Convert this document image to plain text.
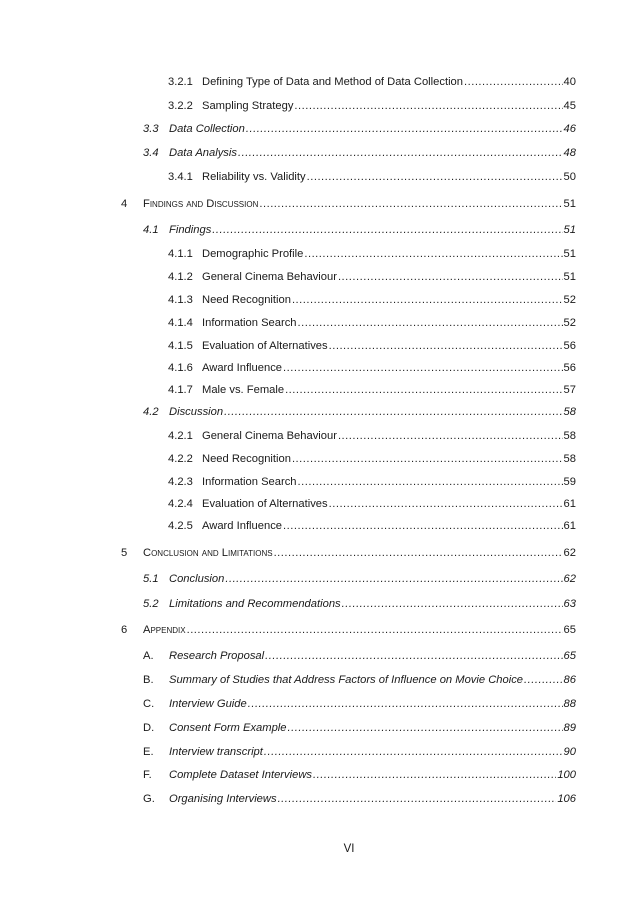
3.2.1 Defining Type of Data and Method of Data Collection .....	40
3.2.2 Sampling Strategy .....	45
3.3 Data Collection .....	46
3.4 Data Analysis .....	48
3.4.1 Reliability vs. Validity .....	50
4	Findings and Discussion .....	51
4.1 Findings .....	51
4.1.1 Demographic Profile .....	51
4.1.2 General Cinema Behaviour .....	51
4.1.3 Need Recognition .....	52
4.1.4 Information Search .....	52
4.1.5 Evaluation of Alternatives .....	56
4.1.6 Award Influence .....	56
4.1.7 Male vs. Female .....	57
4.2 Discussion .....	58
4.2.1 General Cinema Behaviour .....	58
4.2.2 Need Recognition .....	58
4.2.3 Information Search .....	59
4.2.4 Evaluation of Alternatives .....	61
4.2.5 Award Influence .....	61
5	Conclusion and Limitations .....	62
5.1 Conclusion .....	62
5.2 Limitations and Recommendations .....	63
6	Appendix .....	65
A.	Research Proposal .....	65
B.	Summary of Studies that Address Factors of Influence on Movie Choice .....	86
C.	Interview Guide .....	88
D.	Consent Form Example .....	89
E.	Interview transcript .....	90
F.	Complete Dataset Interviews .....	100
G.	Organising Interviews .....	106
VI
